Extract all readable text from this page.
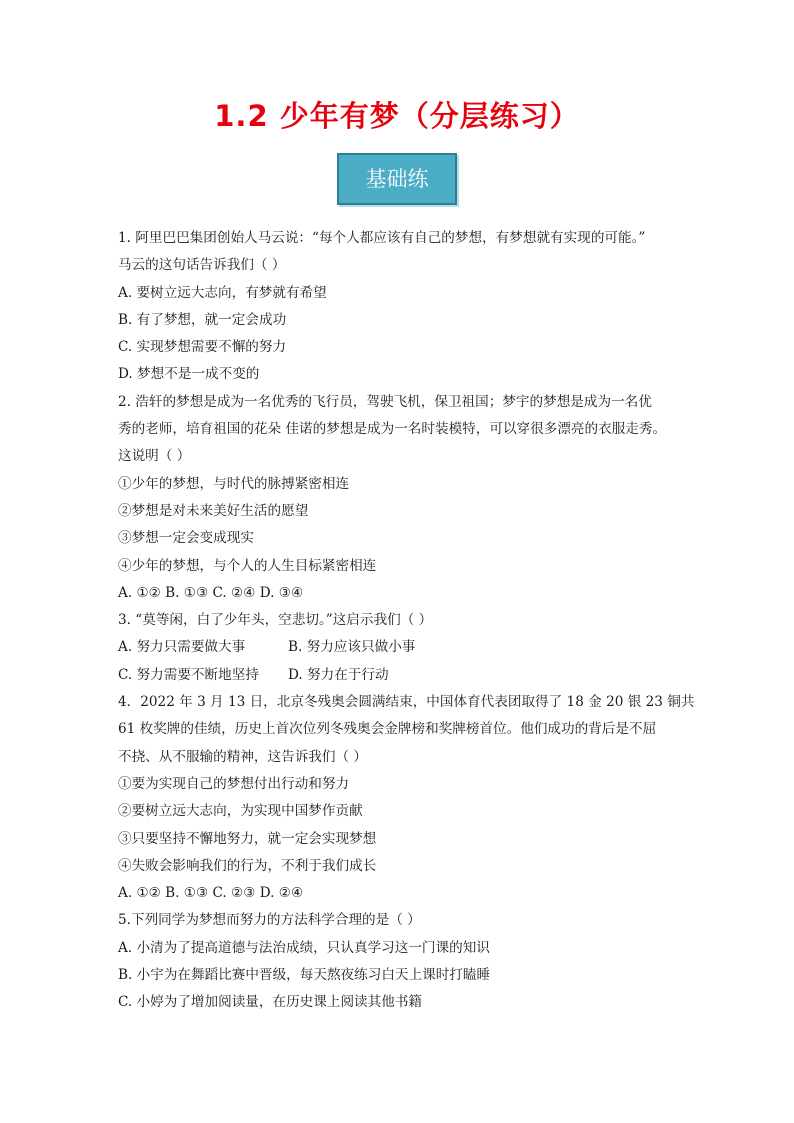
1.2 少年有梦（分层练习）
基础练
1. 阿里巴巴集团创始人马云说：“每个人都应该有自己的梦想，有梦想就有实现的可能。”
马云的这句话告诉我们（ ）
A. 要树立远大志向，有梦就有希望
B. 有了梦想，就一定会成功
C. 实现梦想需要不懈的努力
D. 梦想不是一成不变的
2. 浩轩的梦想是成为一名优秀的飞行员，驾驶飞机，保卫祖国；梦宇的梦想是成为一名优
秀的老师，培育祖国的花朵 佳诺的梦想是成为一名时装模特，可以穿很多漂亮的衣服走秀。
这说明（ ）
①少年的梦想，与时代的脉搏紧密相连
②梦想是对未来美好生活的愿望
③梦想一定会变成现实
④少年的梦想，与个人的人生目标紧密相连
A. ①② B. ①③ C. ②④ D. ③④
3. “莫等闲，白了少年头，空悲切。”这启示我们（ ）
A. 努力只需要做大事	B. 努力应该只做小事
C. 努力需要不断地坚持 D. 努力在于行动
4．2022 年 3 月 13 日，北京冬残奥会圆满结束，中国体育代表团取得了 18 金 20 银 23 铜共
61 枚奖牌的佳绩，历史上首次位列冬残奥会金牌榜和奖牌榜首位。他们成功的背后是不屈
不挠、从不服输的精神，这告诉我们（ ）
①要为实现自己的梦想付出行动和努力
②要树立远大志向，为实现中国梦作贡献
③只要坚持不懈地努力，就一定会实现梦想
④失败会影响我们的行为，不利于我们成长
A. ①② B. ①③ C. ②③ D. ②④
5.下列同学为梦想而努力的方法科学合理的是（ ）
A. 小清为了提高道德与法治成绩，只认真学习这一门课的知识
B. 小宇为在舞蹈比赛中晋级，每天熬夜练习白天上课时打瞌睡
C. 小婷为了增加阅读量，在历史课上阅读其他书籍
